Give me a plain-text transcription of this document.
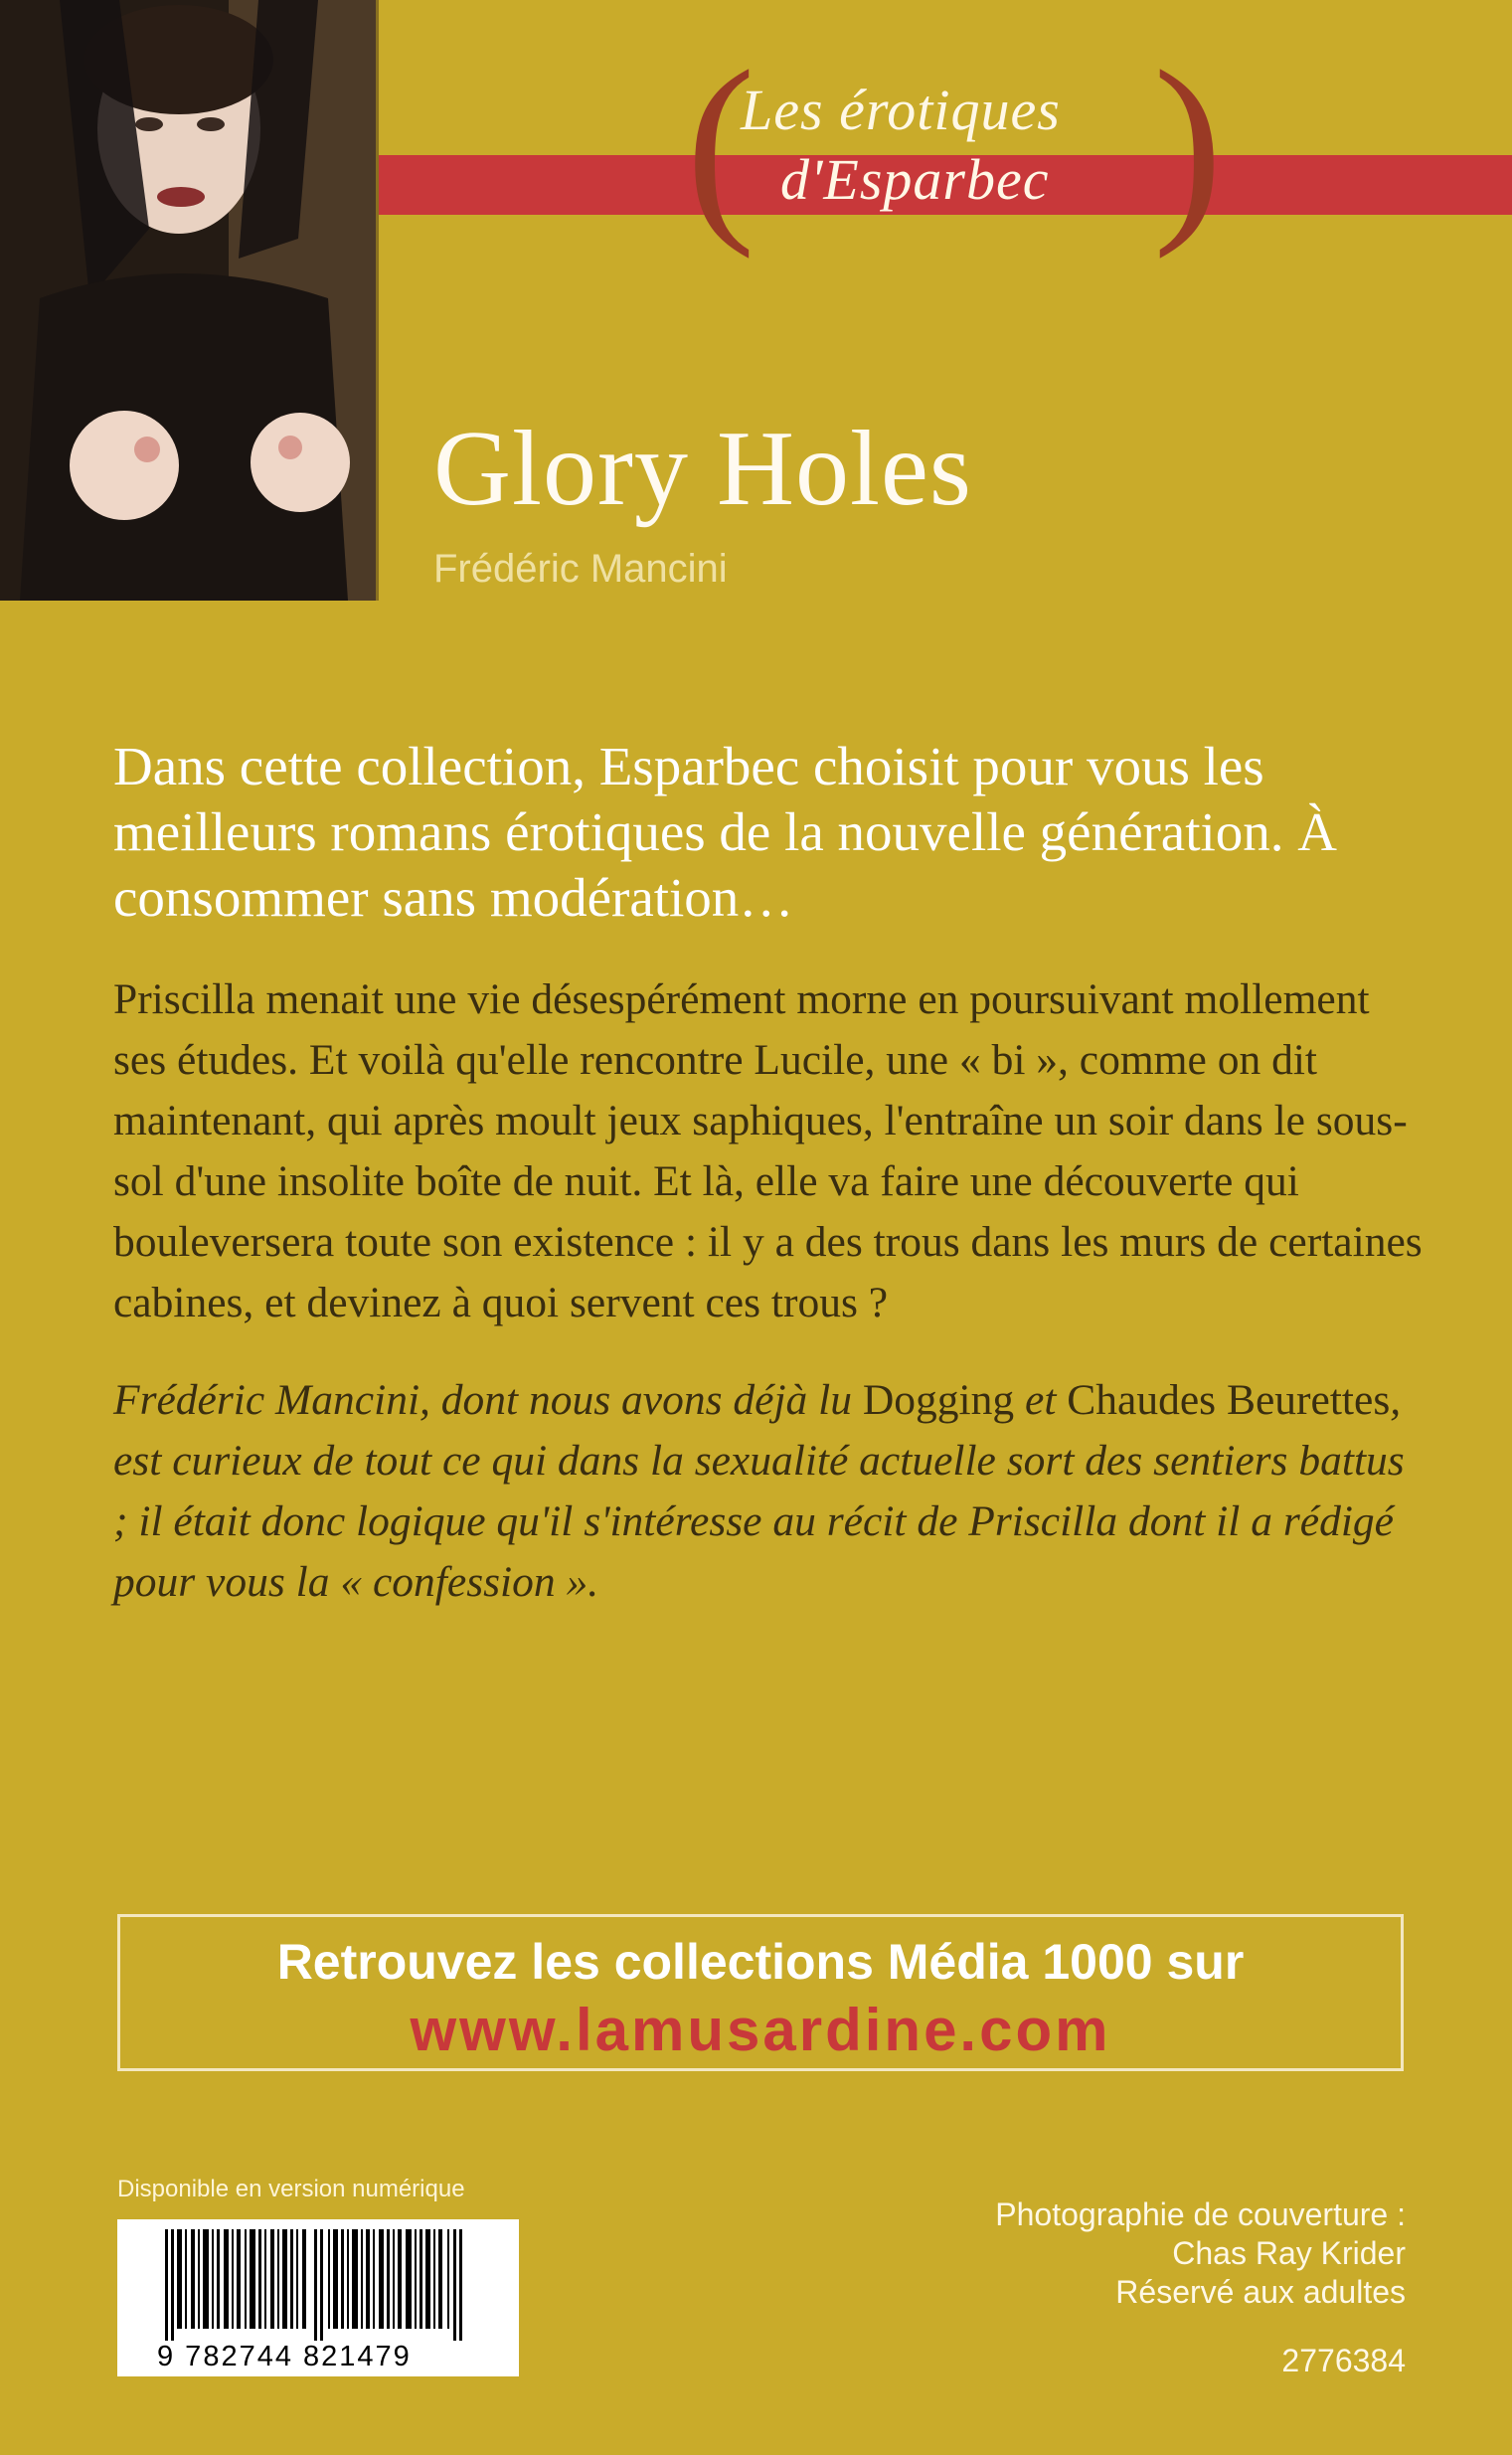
( )
Les érotiques
d'Esparbec
Glory Holes
Frédéric Mancini
Dans cette collection, Esparbec choisit pour vous les meilleurs romans érotiques de la nouvelle génération. À consommer sans modération…
Priscilla menait une vie désespérément morne en poursuivant mollement ses études. Et voilà qu'elle rencontre Lucile, une « bi », comme on dit maintenant, qui après moult jeux saphiques, l'entraîne un soir dans le sous-sol d'une insolite boîte de nuit. Et là, elle va faire une découverte qui bouleversera toute son existence : il y a des trous dans les murs de certaines cabines, et devinez à quoi servent ces trous ?
Frédéric Mancini, dont nous avons déjà lu Dogging et Chaudes Beurettes, est curieux de tout ce qui dans la sexualité actuelle sort des sentiers battus ; il était donc logique qu'il s'intéresse au récit de Priscilla dont il a rédigé pour vous la « confession ».
Retrouvez les collections Média 1000 sur
www.lamusardine.com
Disponible en version numérique
9 782744 821479
Photographie de couverture :
Chas Ray Krider
Réservé aux adultes
2776384
